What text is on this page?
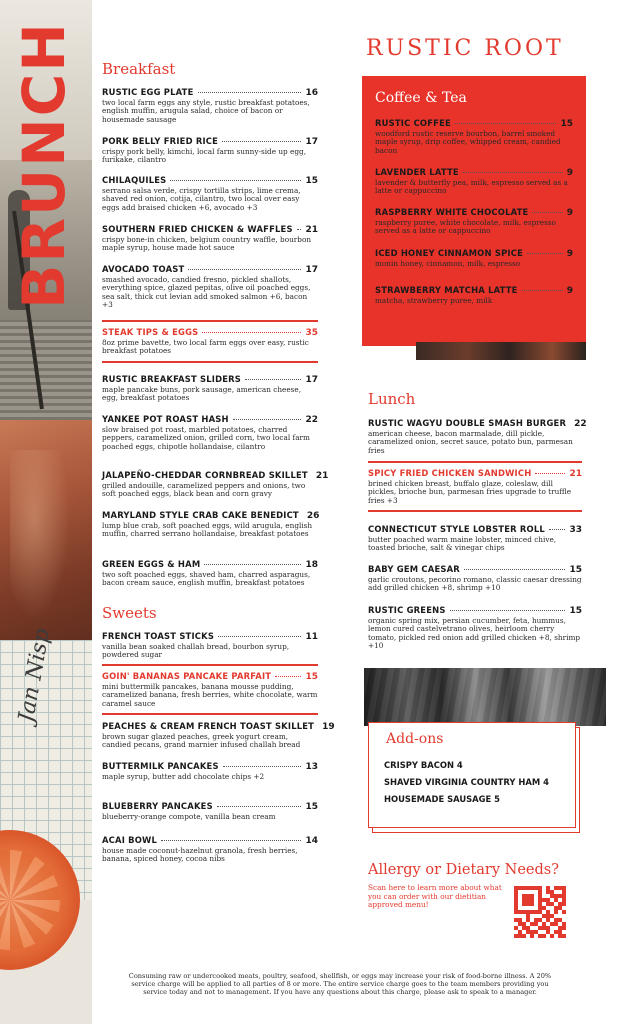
BRUNCH
Jan Nisp
Breakfast
RUSTIC EGG PLATE	16
two local farm eggs any style, rustic breakfast potatoes, english muffin, arugula salad, choice of bacon or housemade sausage
PORK BELLY FRIED RICE	17
crispy pork belly, kimchi, local farm sunny-side up egg, furikake, cilantro
CHILAQUILES	15
serrano salsa verde, crispy tortilla strips, lime crema, shaved red onion, cotija, cilantro, two local over easy eggs add braised chicken +6, avocado +3
SOUTHERN FRIED CHICKEN & WAFFLES 21
crispy bone-in chicken, belgium country waffle, bourbon maple syrup, house made hot sauce
AVOCADO TOAST	17
smashed avocado, candied fresno, pickled shallots, everything spice, glazed pepitas, olive oil poached eggs, sea salt, thick cut levian add smoked salmon +6, bacon +3
STEAK TIPS & EGGS	35
8oz prime bavette, two local farm eggs over easy, rustic breakfast potatoes
RUSTIC BREAKFAST SLIDERS	17
maple pancake buns, pork sausage, american cheese, egg, breakfast potatoes
YANKEE POT ROAST HASH	22
slow braised pot roast, marbled potatoes, charred peppers, caramelized onion, grilled corn, two local farm poached eggs, chipotle hollandaise, cilantro
JALAPEÑO-CHEDDAR CORNBREAD SKILLET 21
grilled andouille, caramelized peppers and onions, two soft poached eggs, black bean and corn gravy
MARYLAND STYLE CRAB CAKE BENEDICT 26
lump blue crab, soft poached eggs, wild arugula, english muffin, charred serrano hollandaise, breakfast potatoes
GREEN EGGS & HAM	18
two soft poached eggs, shaved ham, charred asparagus, bacon cream sauce, english muffin, breakfast potatoes
Sweets
FRENCH TOAST STICKS	11
vanilla bean soaked challah bread, bourbon syrup, powdered sugar
GOIN' BANANAS PANCAKE PARFAIT	15
mini buttermilk pancakes, banana mousse pudding, caramelized banana, fresh berries, white chocolate, warm caramel sauce
PEACHES & CREAM FRENCH TOAST SKILLET 19
brown sugar glazed peaches, greek yogurt cream, candied pecans, grand marnier infused challah bread
BUTTERMILK PANCAKES	13
maple syrup, butter add chocolate chips +2
BLUEBERRY PANCAKES	15
blueberry-orange compote, vanilla bean cream
ACAI BOWL	14
house made coconut-hazelnut granola, fresh berries, banana, spiced honey, cocoa nibs
RUSTIC ROOT
Coffee & Tea
RUSTIC COFFEE	15
woodford rustic reserve bourbon, barrel smoked maple syrup, drip coffee, whipped cream, candied bacon
LAVENDER LATTE	9
lavender & butterfly pea, milk, espresso served as a latte or cappuccino
RASPBERRY WHITE CHOCOLATE	9
raspberry puree, white chocolate, milk, espresso served as a latte or cappuccino
ICED HONEY CINNAMON SPICE	9
monin honey, cinnamon, milk, espresso
STRAWBERRY MATCHA LATTE	9
matcha, strawberry puree, milk
Lunch
RUSTIC WAGYU DOUBLE SMASH BURGER 22
american cheese, bacon marmalade, dill pickle, caramelized onion, secret sauce, potato bun, parmesan fries
SPICY FRIED CHICKEN SANDWICH	21
brined chicken breast, buffalo glaze, coleslaw, dill pickles, brioche bun, parmesan fries upgrade to truffle fries +3
CONNECTICUT STYLE LOBSTER ROLL	33
butter poached warm maine lobster, minced chive, toasted brioche, salt & vinegar chips
BABY GEM CAESAR	15
garlic croutons, pecorino romano, classic caesar dressing add grilled chicken +8, shrimp +10
RUSTIC GREENS	15
organic spring mix, persian cucumber, feta, hummus, lemon cured castelvetrano olives, heirloom cherry tomato, pickled red onion add grilled chicken +8, shrimp +10
Add-ons
CRISPY BACON 4
SHAVED VIRGINIA COUNTRY HAM 4
HOUSEMADE SAUSAGE 5
Allergy or Dietary Needs?
Scan here to learn more about what you can order with our dietitian approved menu!
Consuming raw or undercooked meats, poultry, seafood, shellfish, or eggs may increase your risk of food-borne illness. A 20% service charge will be applied to all parties of 8 or more. The entire service charge goes to the team members providing you service today and not to management. If you have any questions about this charge, please ask to speak to a manager.
